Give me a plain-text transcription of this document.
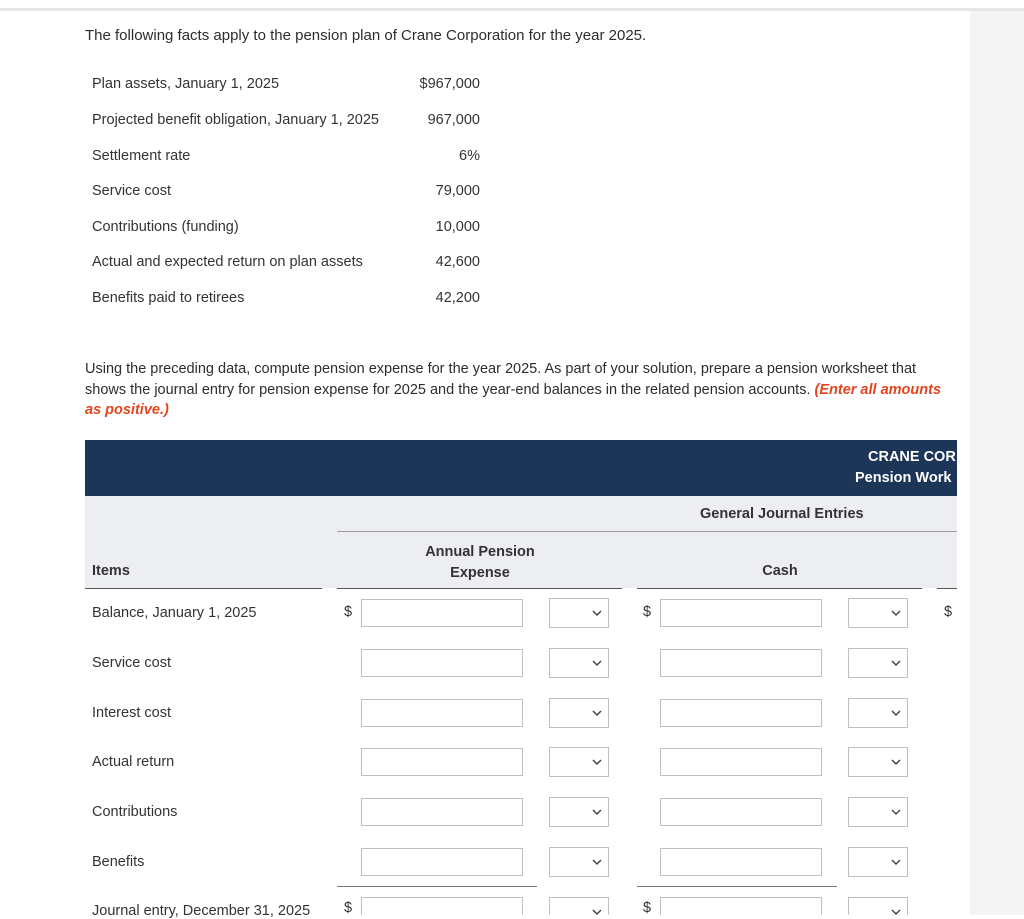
The following facts apply to the pension plan of Crane Corporation for the year 2025.
Plan assets, January 1, 2025	$967,000
Projected benefit obligation, January 1, 2025	967,000
Settlement rate	6%
Service cost	79,000
Contributions (funding)	10,000
Actual and expected return on plan assets	42,600
Benefits paid to retirees	42,200
Using the preceding data, compute pension expense for the year 2025. As part of your solution, prepare a pension worksheet that shows the journal entry for pension expense for 2025 and the year-end balances in the related pension accounts. (Enter all amounts as positive.)
CRANE COR
Pension Work
General Journal Entries
Items
Annual Pension Expense	Cash
Balance, January 1, 2025	$	$	$
Service cost
Interest cost
Actual return
Contributions
Benefits
Journal entry, December 31, 2025 $	$
